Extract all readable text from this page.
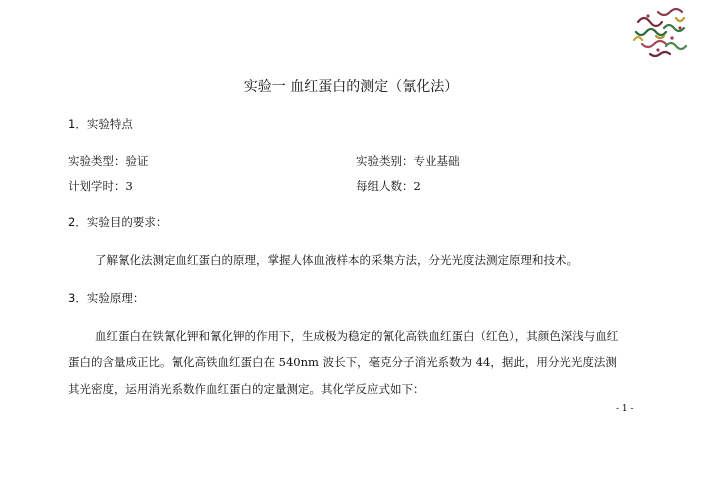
实验一 血红蛋白的测定（氰化法）
1．实验特点
实验类型：验证	实验类别：专业基础
计划学时：3	每组人数：2
2．实验目的要求：
了解氰化法测定血红蛋白的原理，掌握人体血液样本的采集方法，分光光度法测定原理和技术。
3．实验原理：
血红蛋白在铁氰化钾和氰化钾的作用下，生成极为稳定的氰化高铁血红蛋白（红色），其颜色深浅与血红
蛋白的含量成正比。氰化高铁血红蛋白在 540nm 波长下，毫克分子消光系数为 44，据此，用分光光度法测
其光密度，运用消光系数作血红蛋白的定量测定。其化学反应式如下：
- 1 -
